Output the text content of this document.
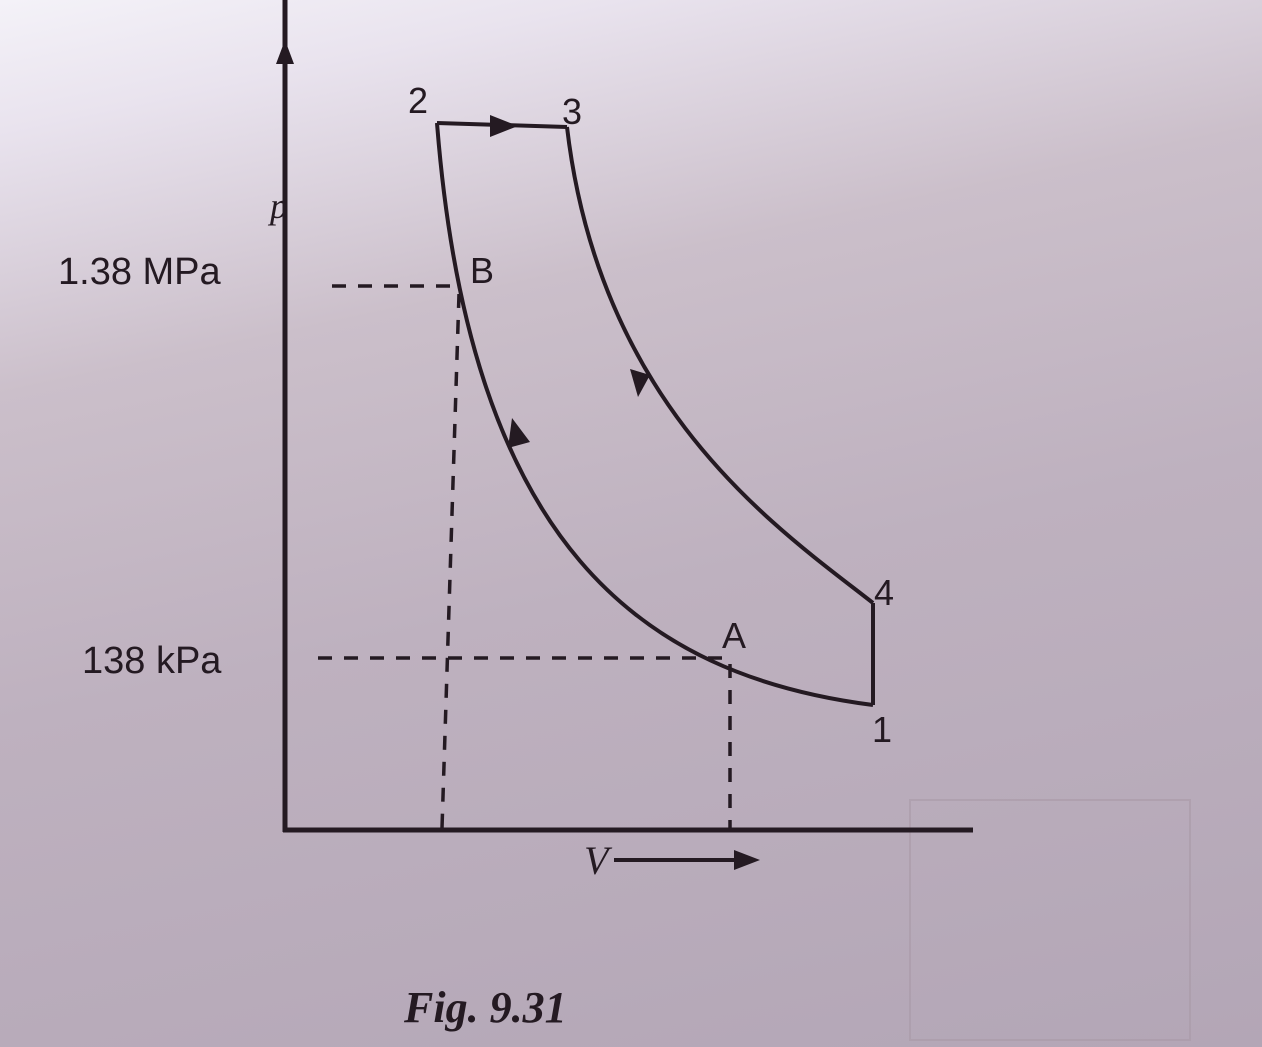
p
V
1.38 MPa
138 kPa
2	3
B
4
A
1
Fig. 9.31
